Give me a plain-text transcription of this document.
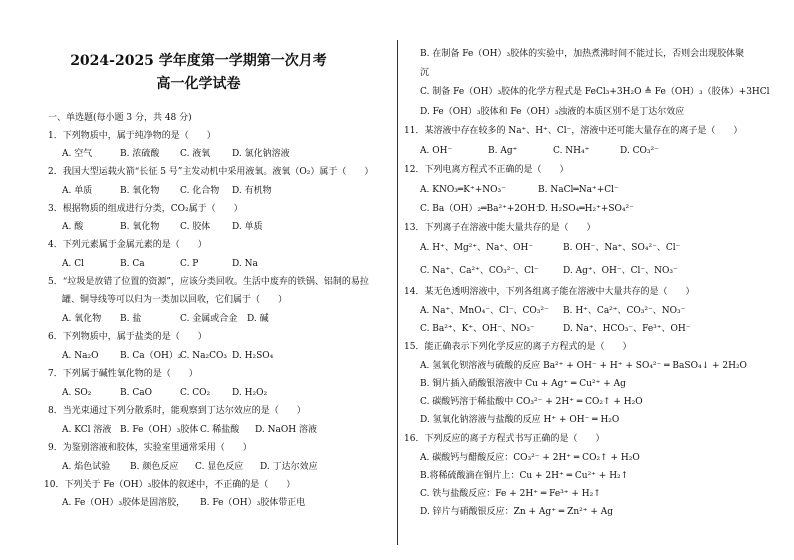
2024-2025 学年度第一学期第一次月考
高一化学试卷
一、单选题(每小题 3 分，共 48 分)
1．下列物质中，属于纯净物的是（　　）
A. 空气	B. 浓硫酸 C. 液氧 D. 氯化钠溶液
2．我国大型运载火箭“长征 5 号”主发动机中采用液氧。液氧（O₂）属于（　　）
A. 单质	B. 氧化物 C. 化合物 D. 有机物
3．根据物质的组成进行分类，CO₂属于（　　）
A. 酸	B. 氧化物 C. 胶体 D. 单质
4．下列元素属于金属元素的是（　　）
A. Cl	B. Ca	C. P	D. Na
5．“垃圾是放错了位置的资源”，应该分类回收。生活中废弃的铁锅、铝制的易拉
罐、铜导线等可以归为一类加以回收，它们属于（　　）
A. 氧化物 B. 盐	C. 金属或合金 D. 碱
6．下列物质中，属于盐类的是（　　）
A. Na₂O B. Ca（OH）₂
C. Na₂CO₃ D. H₂SO₄
7．下列属于碱性氧化物的是（　　）
A. SO₂	B. CaO	C. CO₂ D. H₂O₂
8．当光束通过下列分散系时，能观察到丁达尔效应的是（　　）
A. KCl 溶液 B. Fe（OH）₃胶体 C. 稀盐酸 D. NaOH 溶液
9．为鉴别溶液和胶体，实验室里通常采用（　　）
A. 焰色试验 B. 颜色反应 C. 显色反应 D. 丁达尔效应
10．下列关于 Fe（OH）₃胶体的叙述中，不正确的是（　　）
A. Fe（OH）₃胶体是固溶胶， B. Fe（OH）₃胶体带正电
B. 在制备 Fe（OH）₃胶体的实验中，加热煮沸时间不能过长，否则会出现胶体聚
沉
C. 制备 Fe（OH）₃胶体的化学方程式是 FeCl₃+3H₂O ≜ Fe（OH）₃（胶体）+3HCl
D. Fe（OH）₃胶体和 Fe（OH）₃浊液的本质区别不是丁达尔效应
11．某溶液中存在较多的 Na⁺、H⁺、Cl⁻，溶液中还可能大量存在的离子是（　　）
A. OH⁻	B. Ag⁺	C. NH₄⁺	D. CO₃²⁻
12．下列电离方程式不正确的是（　　）
A. KNO₃═K⁺+NO₃⁻	B. NaCl═Na⁺+Cl⁻
C. Ba（OH）₂═Ba²⁺+2OH⁻
D. H₂SO₄═H₂⁺+SO₄²⁻
13．下列离子在溶液中能大量共存的是（　　）
A. H⁺、Mg²⁺、Na⁺、OH⁻	B. OH⁻、Na⁺、SO₄²⁻、Cl⁻
C. Na⁺、Ca²⁺、CO₃²⁻、Cl⁻	D. Ag⁺、OH⁻、Cl⁻、NO₃⁻
14．某无色透明溶液中，下列各组离子能在溶液中大量共存的是（　　）
A. Na⁺、MnO₄⁻、Cl⁻、CO₃²⁻ B. H⁺、Ca²⁺、CO₃²⁻、NO₃⁻
C. Ba²⁺、K⁺、OH⁻、NO₃⁻	D. Na⁺、HCO₃⁻、Fe³⁺、OH⁻
15．能正确表示下列化学反应的离子方程式的是（　　）
A. 氢氧化钡溶液与硫酸的反应 Ba²⁺ + OH⁻ + H⁺ + SO₄²⁻ ═ BaSO₄↓ + 2H₂O
B. 铜片插入硝酸银溶液中 Cu + Ag⁺ ═ Cu²⁺ + Ag
C. 碳酸钙溶于稀盐酸中 CO₃²⁻ + 2H⁺ ═ CO₂↑ + H₂O
D. 氢氧化钠溶液与盐酸的反应 H⁺ + OH⁻ ═ H₂O
16．下列反应的离子方程式书写正确的是（　　）
A. 碳酸钙与醋酸反应：CO₃²⁻ + 2H⁺ ═ CO₂↑ + H₂O
B.将稀硫酸滴在铜片上：Cu + 2H⁺ ═ Cu²⁺ + H₂↑
C. 铁与盐酸反应：Fe + 2H⁺ ═ Fe³⁺ + H₂↑
D. 锌片与硝酸银反应：Zn + Ag⁺ ═ Zn²⁺ + Ag
